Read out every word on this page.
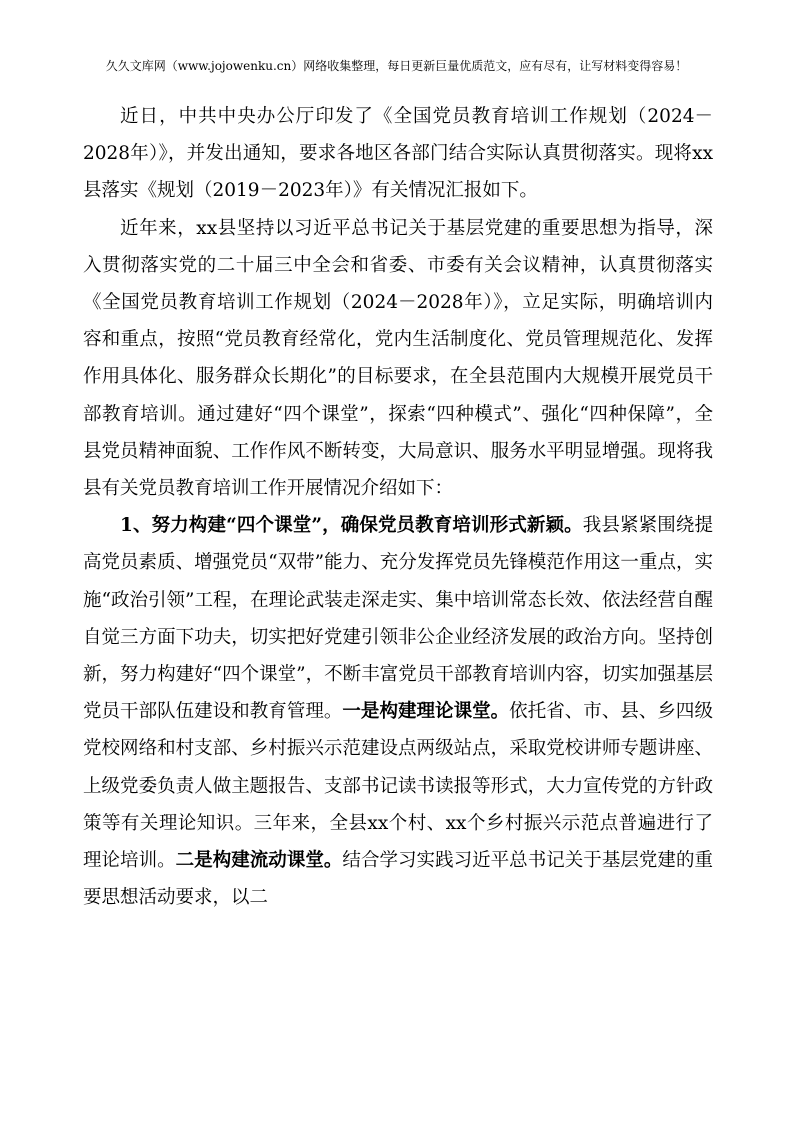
久久文库网（www.jojowenku.cn）网络收集整理，每日更新巨量优质范文，应有尽有，让写材料变得容易！

近日，中共中央办公厅印发了《全国党员教育培训工作规划（2024－2028年）》，并发出通知，要求各地区各部门结合实际认真贯彻落实。现将xx县落实《规划（2019－2023年）》有关情况汇报如下。

近年来，xx县坚持以习近平总书记关于基层党建的重要思想为指导，深入贯彻落实党的二十届三中全会和省委、市委有关会议精神，认真贯彻落实《全国党员教育培训工作规划（2024－2028年）》，立足实际，明确培训内容和重点，按照“党员教育经常化，党内生活制度化、党员管理规范化、发挥作用具体化、服务群众长期化”的目标要求，在全县范围内大规模开展党员干部教育培训。通过建好“四个课堂”，探索“四种模式”、强化“四种保障”，全县党员精神面貌、工作作风不断转变，大局意识、服务水平明显增强。现将我县有关党员教育培训工作开展情况介绍如下：

1、努力构建“四个课堂”，确保党员教育培训形式新颖。我县紧紧围绕提高党员素质、增强党员“双带”能力、充分发挥党员先锋模范作用这一重点，实施“政治引领”工程，在理论武装走深走实、集中培训常态长效、依法经营自醒自觉三方面下功夫，切实把好党建引领非公企业经济发展的政治方向。坚持创新，努力构建好“四个课堂”，不断丰富党员干部教育培训内容，切实加强基层党员干部队伍建设和教育管理。一是构建理论课堂。依托省、市、县、乡四级党校网络和村支部、乡村振兴示范建设点两级站点，采取党校讲师专题讲座、上级党委负责人做主题报告、支部书记读书读报等形式，大力宣传党的方针政策等有关理论知识。三年来，全县xx个村、xx个乡村振兴示范点普遍进行了理论培训。二是构建流动课堂。结合学习实践习近平总书记关于基层党建的重要思想活动要求，以二
